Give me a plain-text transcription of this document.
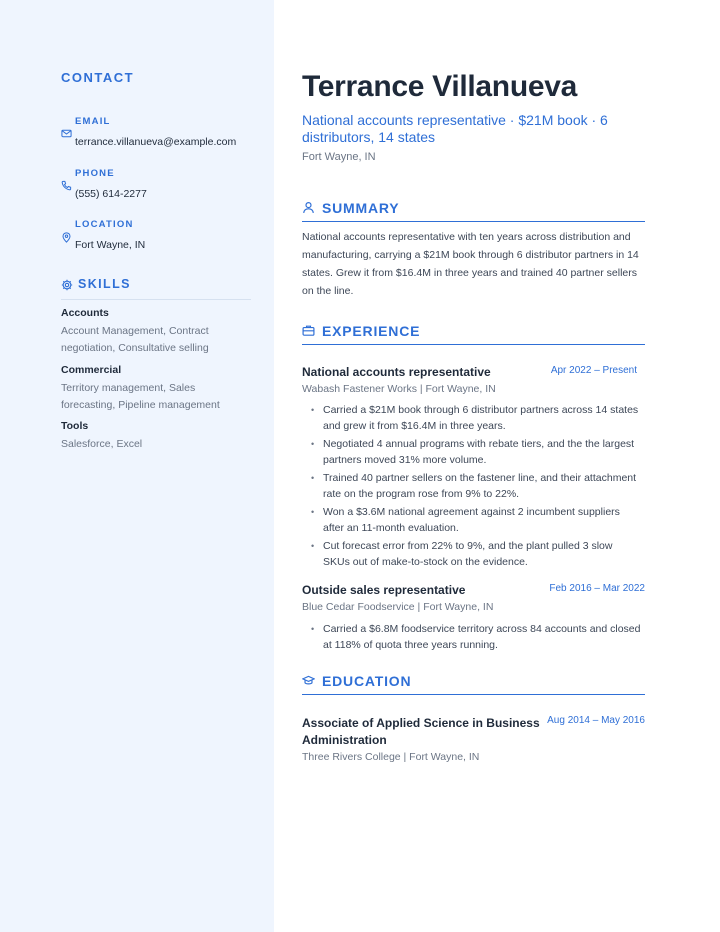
CONTACT
EMAIL
terrance.villanueva@example.com
PHONE
(555) 614-2277
LOCATION
Fort Wayne, IN
SKILLS
Accounts
Account Management, Contract negotiation, Consultative selling
Commercial
Territory management, Sales forecasting, Pipeline management
Tools
Salesforce, Excel
Terrance Villanueva
National accounts representative · $21M book · 6 distributors, 14 states
Fort Wayne, IN
SUMMARY
National accounts representative with ten years across distribution and manufacturing, carrying a $21M book through 6 distributor partners in 14 states. Grew it from $16.4M in three years and trained 40 partner sellers on the line.
EXPERIENCE
National accounts representative	Apr 2022 – Present
Wabash Fastener Works | Fort Wayne, IN
• Carried a $21M book through 6 distributor partners across 14 states and grew it from $16.4M in three years.
• Negotiated 4 annual programs with rebate tiers, and the the largest partners moved 31% more volume.
• Trained 40 partner sellers on the fastener line, and their attachment rate on the program rose from 9% to 22%.
• Won a $3.6M national agreement against 2 incumbent suppliers after an 11-month evaluation.
• Cut forecast error from 22% to 9%, and the plant pulled 3 slow SKUs out of make-to-stock on the evidence.
Outside sales representative	Feb 2016 – Mar 2022
Blue Cedar Foodservice | Fort Wayne, IN
• Carried a $6.8M foodservice territory across 84 accounts and closed at 118% of quota three years running.
EDUCATION
Associate of Applied Science in Business Administration
Aug 2014 – May 2016
Three Rivers College | Fort Wayne, IN
